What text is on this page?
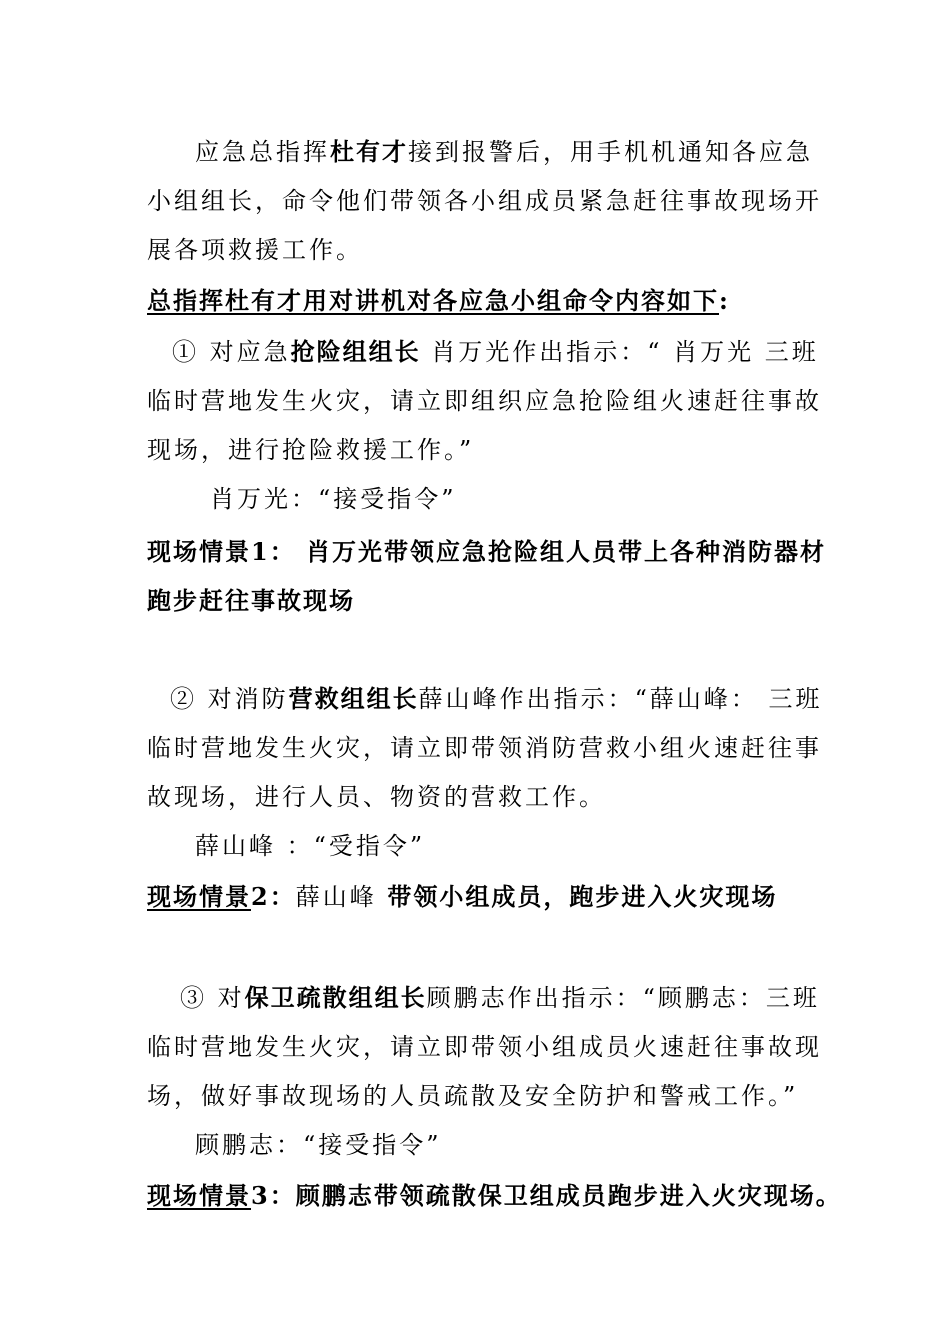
应急总指挥杜有才接到报警后，用手机机通知各应急
小组组长，命令他们带领各小组成员紧急赶往事故现场开
展各项救援工作。
总指挥杜有才用对讲机对各应急小组命令内容如下:
① 对应急抢险组组长 肖万光作出指示：“ 肖万光 三班
临时营地发生火灾，请立即组织应急抢险组火速赶往事故
现场，进行抢险救援工作。”
肖万光：“接受指令”
现场情景1： 肖万光带领应急抢险组人员带上各种消防器材
跑步赶往事故现场
② 对消防营救组组长薛山峰作出指示：“薛山峰： 三班
临时营地发生火灾，请立即带领消防营救小组火速赶往事
故现场，进行人员、物资的营救工作。
薛山峰 ：“受指令”
现场情景2：薛山峰 带领小组成员，跑步进入火灾现场
③ 对保卫疏散组组长顾鹏志作出指示：“顾鹏志：三班
临时营地发生火灾，请立即带领小组成员火速赶往事故现
场，做好事故现场的人员疏散及安全防护和警戒工作。”
顾鹏志：“接受指令”
现场情景3：顾鹏志带领疏散保卫组成员跑步进入火灾现场。
